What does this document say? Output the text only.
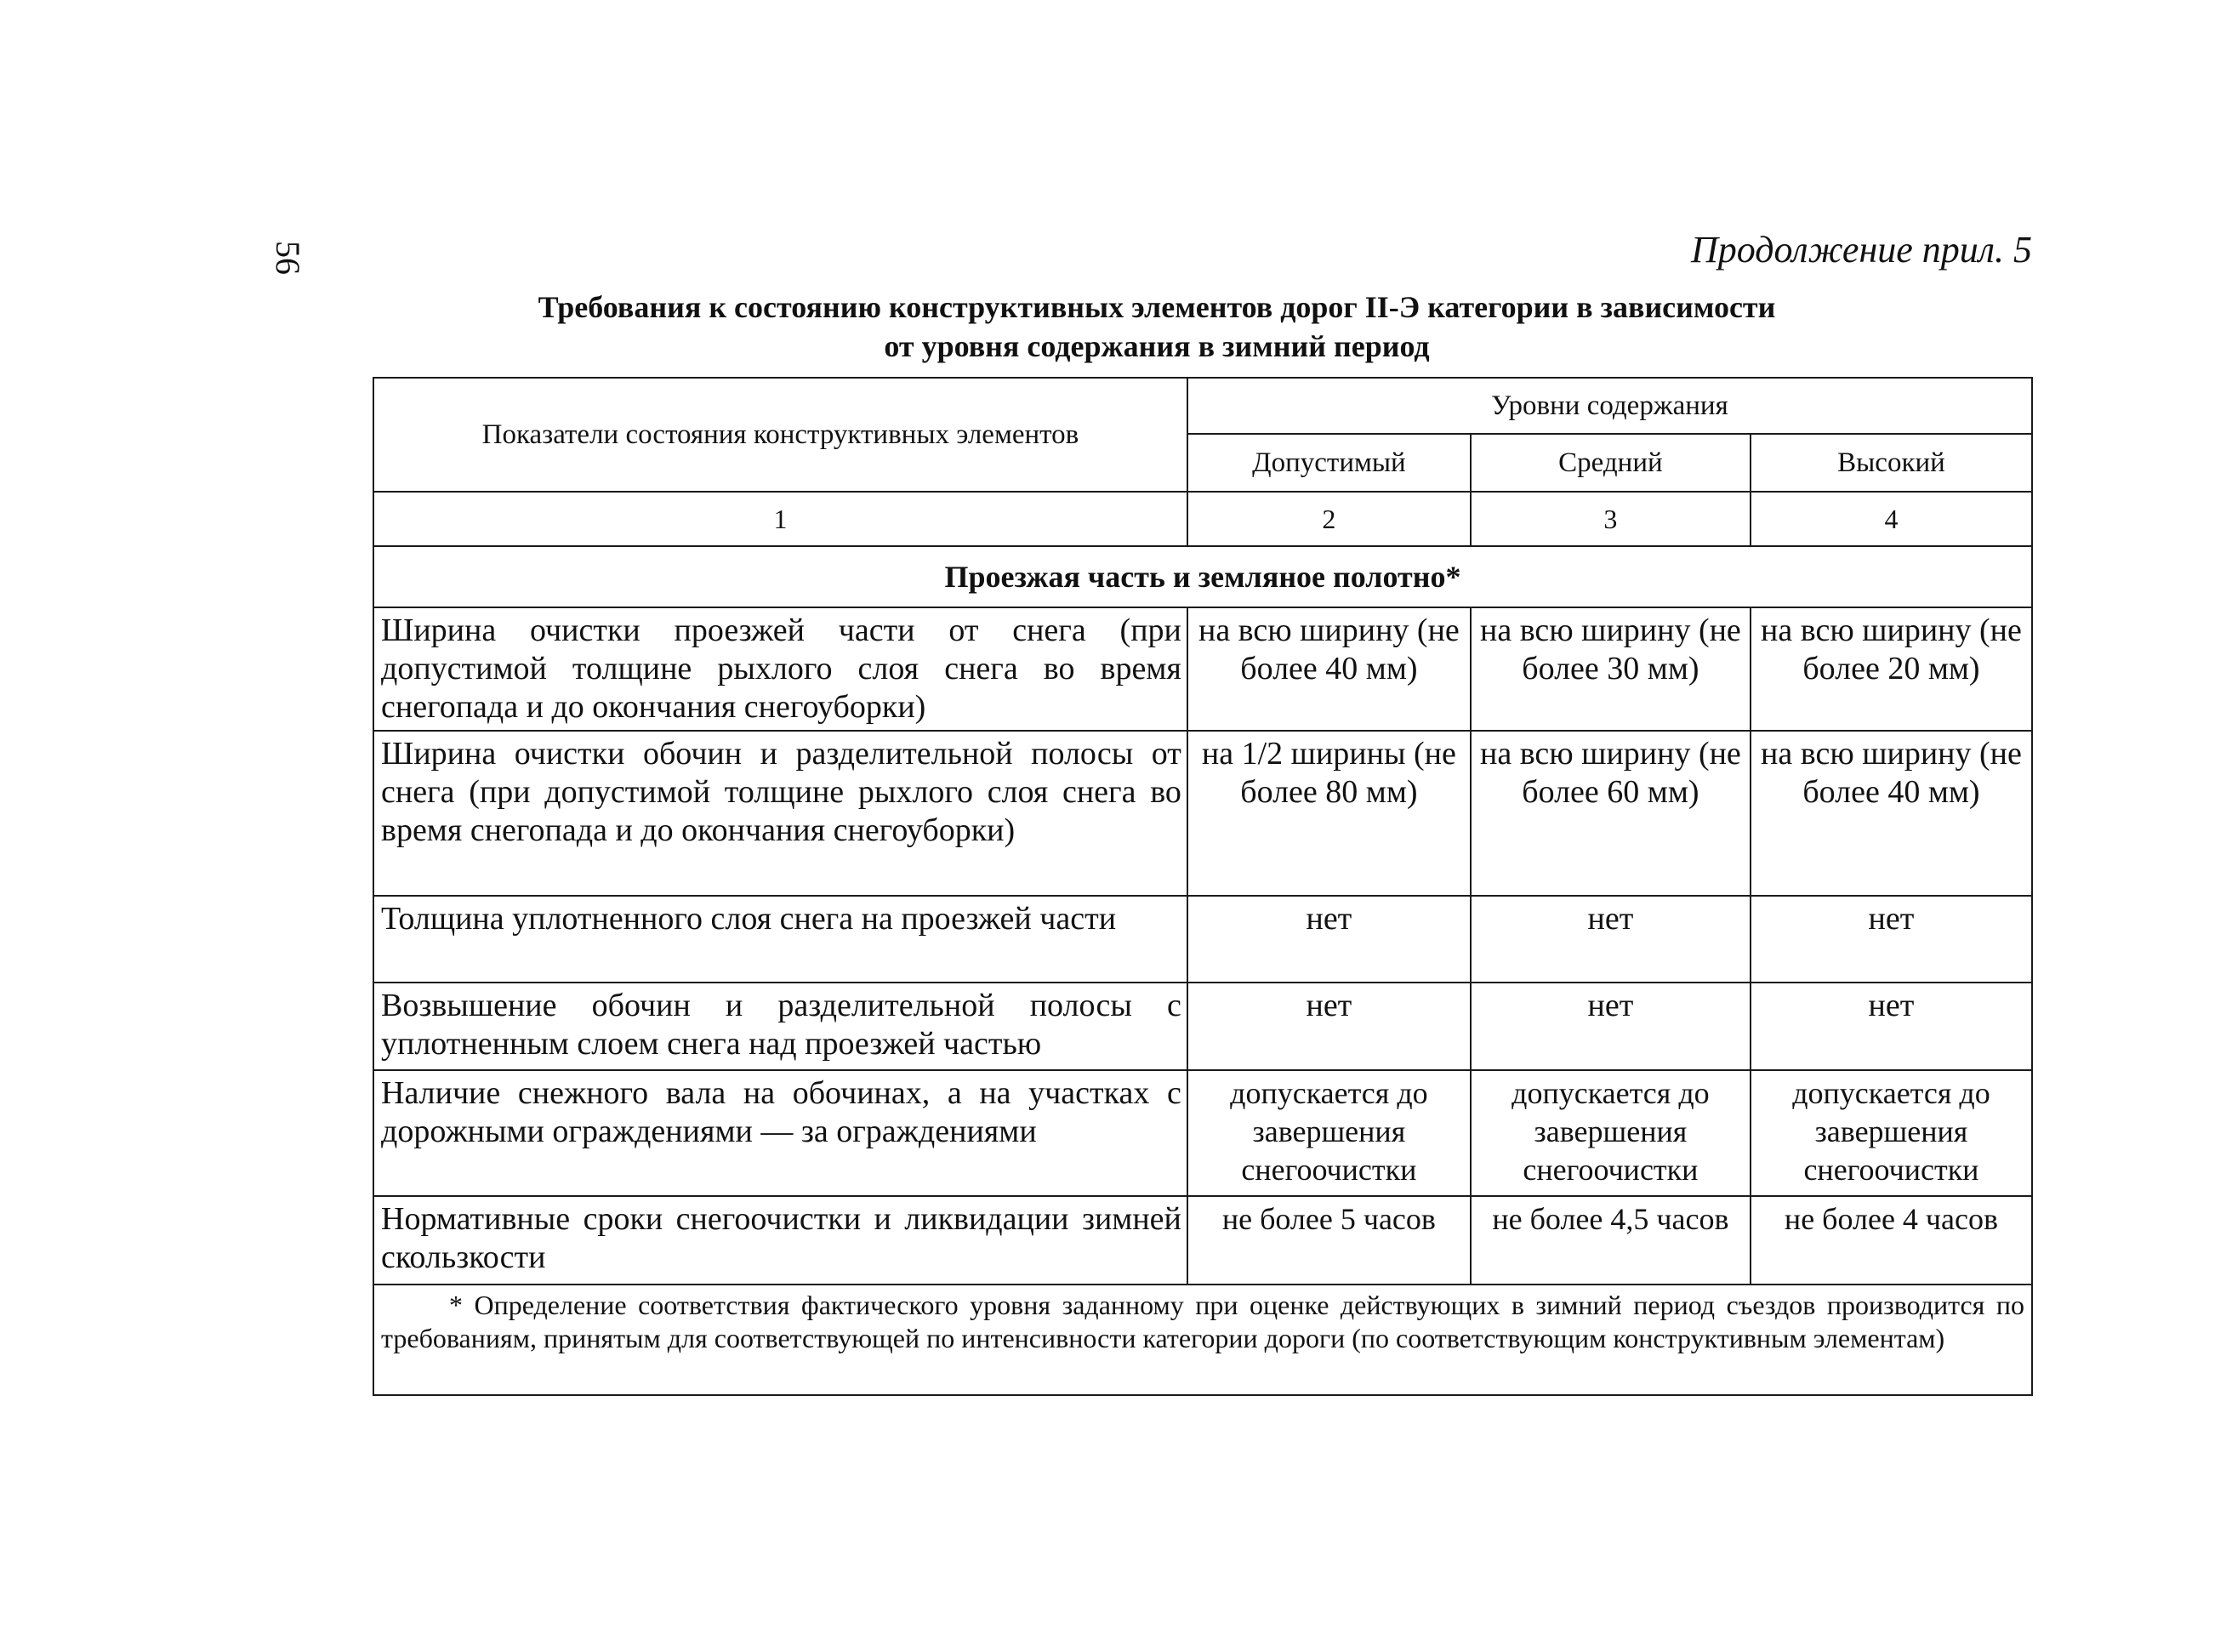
56	Продолжение прил. 5
Требования к состоянию конструктивных элементов дорог II-Э категории в зависимости
от уровня содержания в зимний период
Показатели состояния конструктивных элементов	Уровни содержания		
	Допустимый	Средний	Высокий
1	2	3	4
Проезжая часть и земляное полотно*			
Ширина очистки проезжей части от снега (при допустимой толщине рыхлого слоя снега во время снегопада и до окончания снегоуборки)	на всю ширину (не более 40 мм)	на всю ширину (не более 30 мм)	на всю ширину (не более 20 мм)
Ширина очистки обочин и разделительной полосы от снега (при допустимой толщине рыхлого слоя снега во время снегопада и до окончания снегоуборки)	на 1/2 ширины (не более 80 мм)	на всю ширину (не более 60 мм)	на всю ширину (не более 40 мм)
Толщина уплотненного слоя снега на проезжей части	нет	нет	нет
Возвышение обочин и разделительной полосы с уплотненным слоем снега над проезжей частью	нет	нет	нет
Наличие снежного вала на обочинах, а на участках с дорожными ограждениями — за ограждениями	допускается до завершения снегоочистки	допускается до завершения снегоочистки	допускается до завершения снегоочистки
Нормативные сроки снегоочистки и ликвидации зимней скользкости	не более 5 часов	не более 4,5 часов	не более 4 часов
* Определение соответствия фактического уровня заданному при оценке действующих в зимний период съездов производится по требованиям, принятым для соответствующей по интенсивности категории дороги (по соответствующим конструктивным элементам)			
